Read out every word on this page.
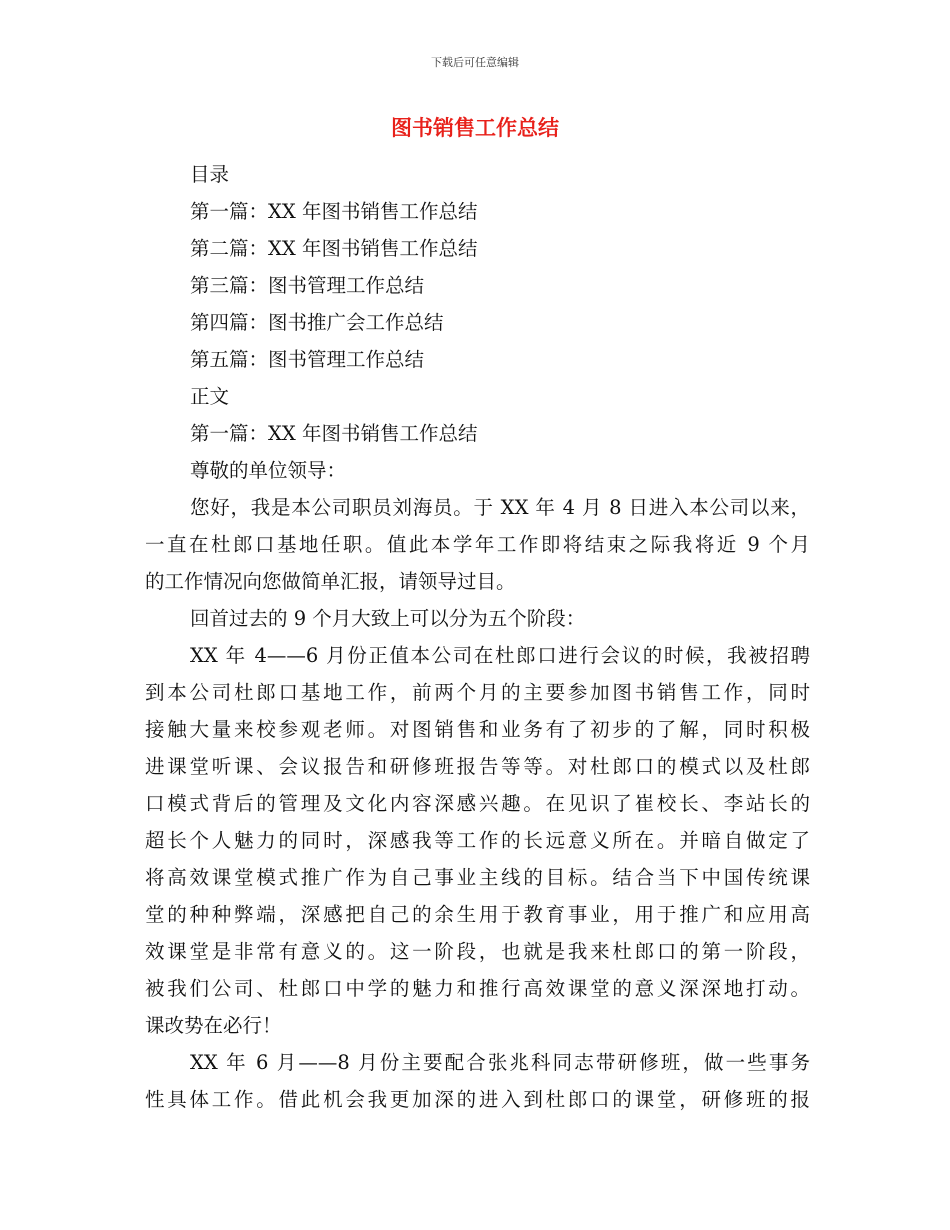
下载后可任意编辑
图书销售工作总结
目录
第一篇：XX 年图书销售工作总结
第二篇：XX 年图书销售工作总结
第三篇：图书管理工作总结
第四篇：图书推广会工作总结
第五篇：图书管理工作总结
正文
第一篇：XX 年图书销售工作总结
尊敬的单位领导：
您好，我是本公司职员刘海员。于 XX 年 4 月 8 日进入本公司以来，
一直在杜郎口基地任职。值此本学年工作即将结束之际我将近 9 个月
的工作情况向您做简单汇报，请领导过目。
回首过去的 9 个月大致上可以分为五个阶段：
XX 年 4——6 月份正值本公司在杜郎口进行会议的时候，我被招聘
到本公司杜郎口基地工作，前两个月的主要参加图书销售工作，同时
接触大量来校参观老师。对图销售和业务有了初步的了解，同时积极
进课堂听课、会议报告和研修班报告等等。对杜郎口的模式以及杜郎
口模式背后的管理及文化内容深感兴趣。在见识了崔校长、李站长的
超长个人魅力的同时，深感我等工作的长远意义所在。并暗自做定了
将高效课堂模式推广作为自己事业主线的目标。结合当下中国传统课
堂的种种弊端，深感把自己的余生用于教育事业，用于推广和应用高
效课堂是非常有意义的。这一阶段，也就是我来杜郎口的第一阶段，
被我们公司、杜郎口中学的魅力和推行高效课堂的意义深深地打动。
课改势在必行！
XX 年 6 月——8 月份主要配合张兆科同志带研修班，做一些事务
性具体工作。借此机会我更加深的进入到杜郎口的课堂，研修班的报
